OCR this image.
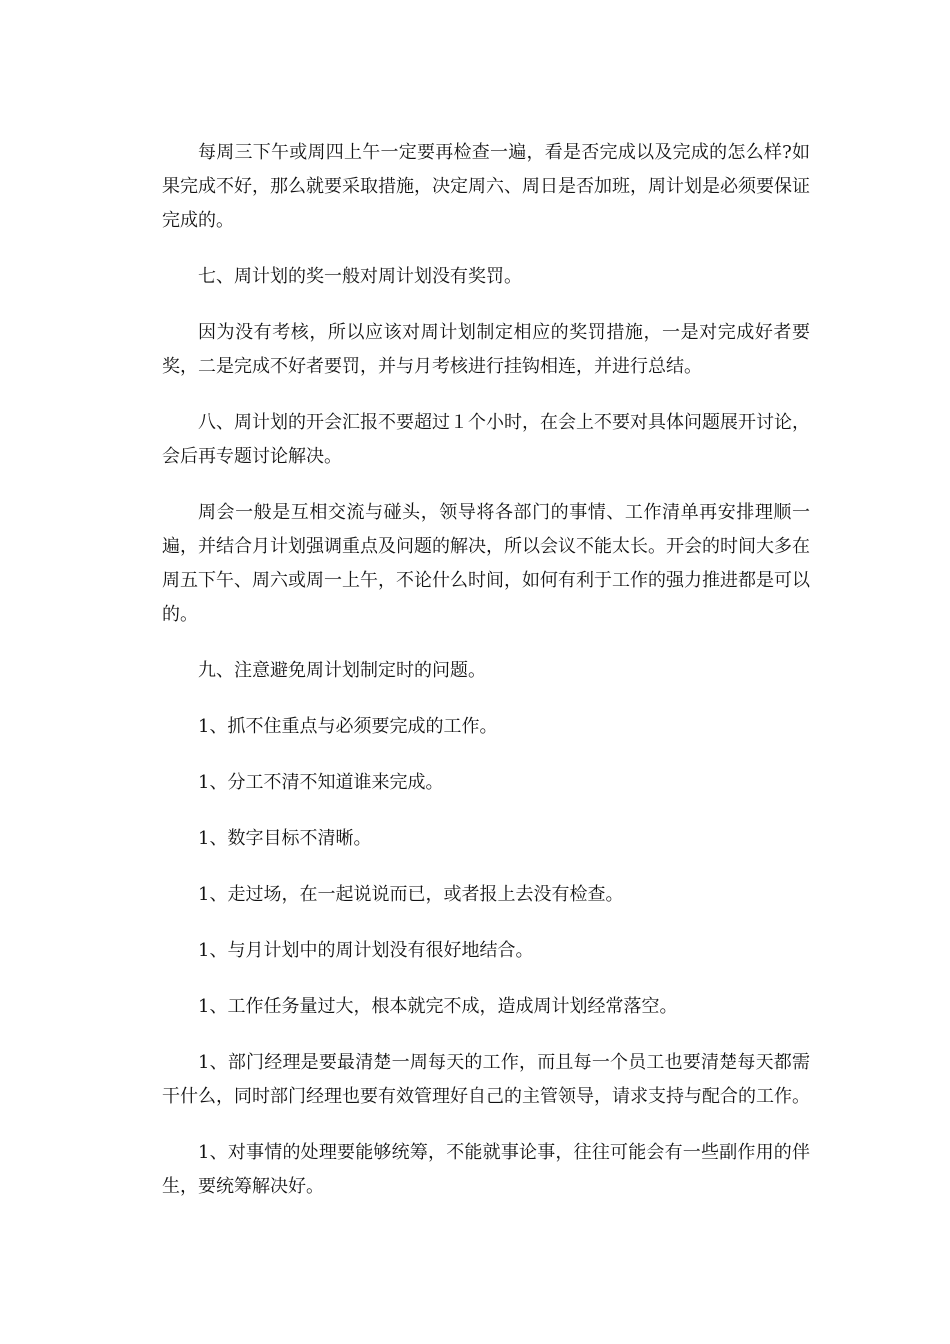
每周三下午或周四上午一定要再检查一遍，看是否完成以及完成的怎么样?如果完成不好，那么就要采取措施，决定周六、周日是否加班，周计划是必须要保证完成的。

七、周计划的奖一般对周计划没有奖罚。

因为没有考核，所以应该对周计划制定相应的奖罚措施，一是对完成好者要奖，二是完成不好者要罚，并与月考核进行挂钩相连，并进行总结。

八、周计划的开会汇报不要超过１个小时，在会上不要对具体问题展开讨论，会后再专题讨论解决。

周会一般是互相交流与碰头，领导将各部门的事情、工作清单再安排理顺一遍，并结合月计划强调重点及问题的解决，所以会议不能太长。开会的时间大多在周五下午、周六或周一上午，不论什么时间，如何有利于工作的强力推进都是可以的。

九、注意避免周计划制定时的问题。

1、抓不住重点与必须要完成的工作。

1、分工不清不知道谁来完成。

1、数字目标不清晰。

1、走过场，在一起说说而已，或者报上去没有检查。

1、与月计划中的周计划没有很好地结合。

1、工作任务量过大，根本就完不成，造成周计划经常落空。

1、部门经理是要最清楚一周每天的工作，而且每一个员工也要清楚每天都需干什么，同时部门经理也要有效管理好自己的主管领导，请求支持与配合的工作。

1、对事情的处理要能够统筹，不能就事论事，往往可能会有一些副作用的伴生，要统筹解决好。
